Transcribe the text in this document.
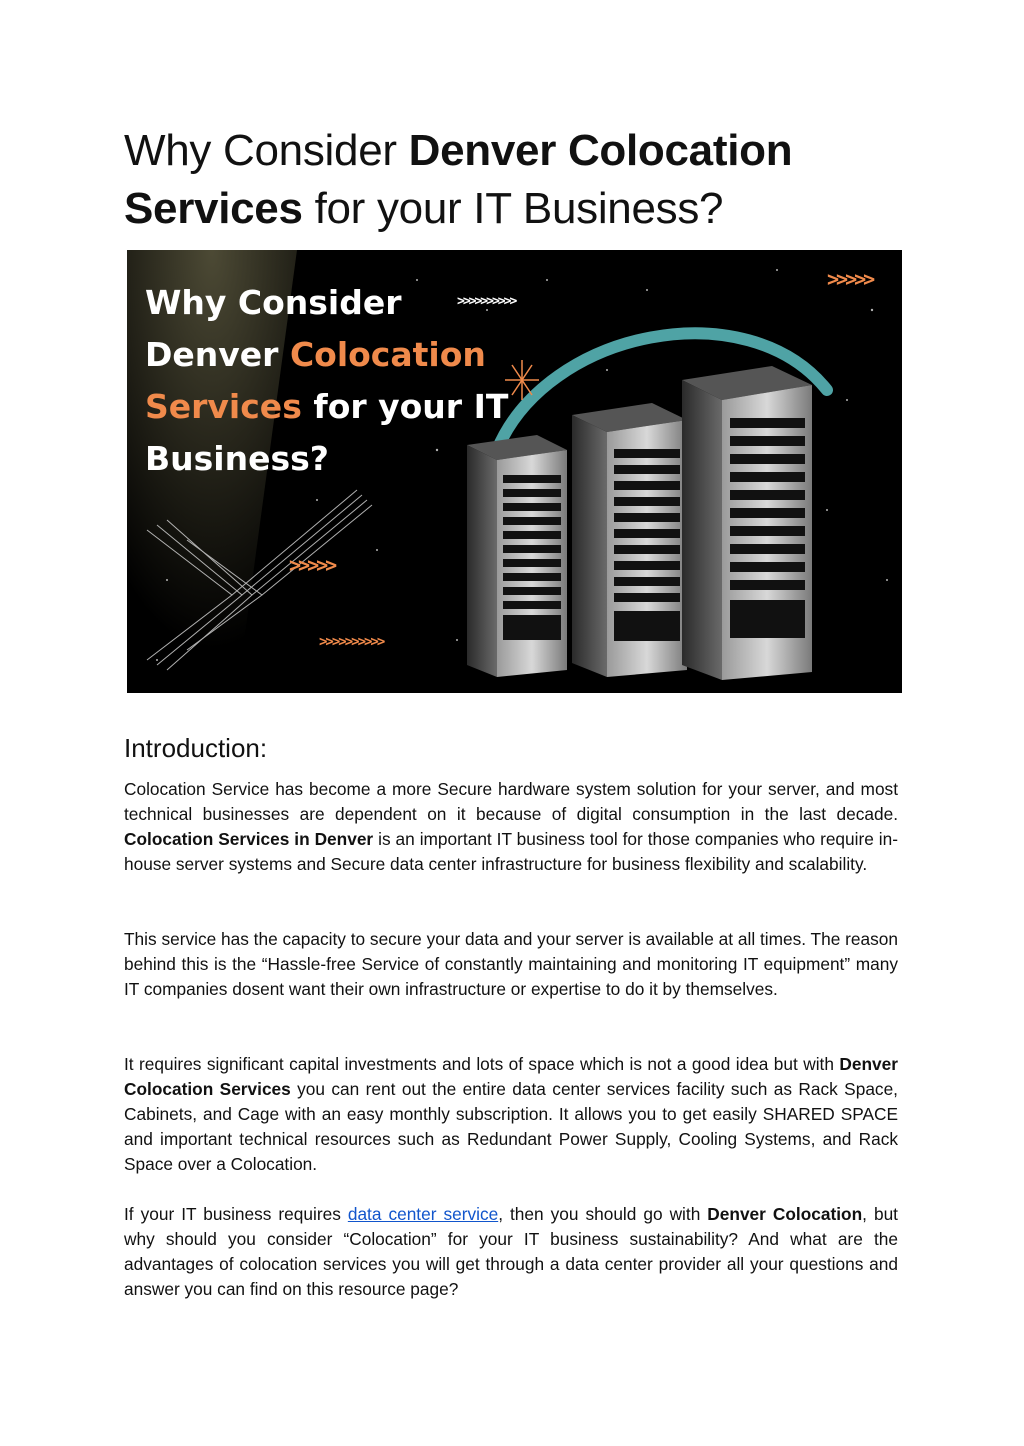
Why Consider Denver Colocation Services for your IT Business?
Why Consider
Denver Colocation
Services for your IT
Business?
>>>>>>>>>>
>>>>>
>>>>>
>>>>>>>>>>
Introduction:

Colocation Service has become a more Secure hardware system solution for your server, and most technical businesses are dependent on it because of digital consumption in the last decade. Colocation Services in Denver is an important IT business tool for those companies who require in-house server systems and Secure data center infrastructure for business flexibility and scalability.

This service has the capacity to secure your data and your server is available at all times. The reason behind this is the “Hassle-free Service of constantly maintaining and monitoring IT equipment” many IT companies dosent want their own infrastructure or expertise to do it by themselves.

It requires significant capital investments and lots of space which is not a good idea but with Denver Colocation Services you can rent out the entire data center services facility such as Rack Space, Cabinets, and Cage with an easy monthly subscription. It allows you to get easily SHARED SPACE and important technical resources such as Redundant Power Supply, Cooling Systems, and Rack Space over a Colocation.

If your IT business requires data center service, then you should go with Denver Colocation, but why should you consider “Colocation” for your IT business sustainability? And what are the advantages of colocation services you will get through a data center provider all your questions and answer you can find on this resource page?
